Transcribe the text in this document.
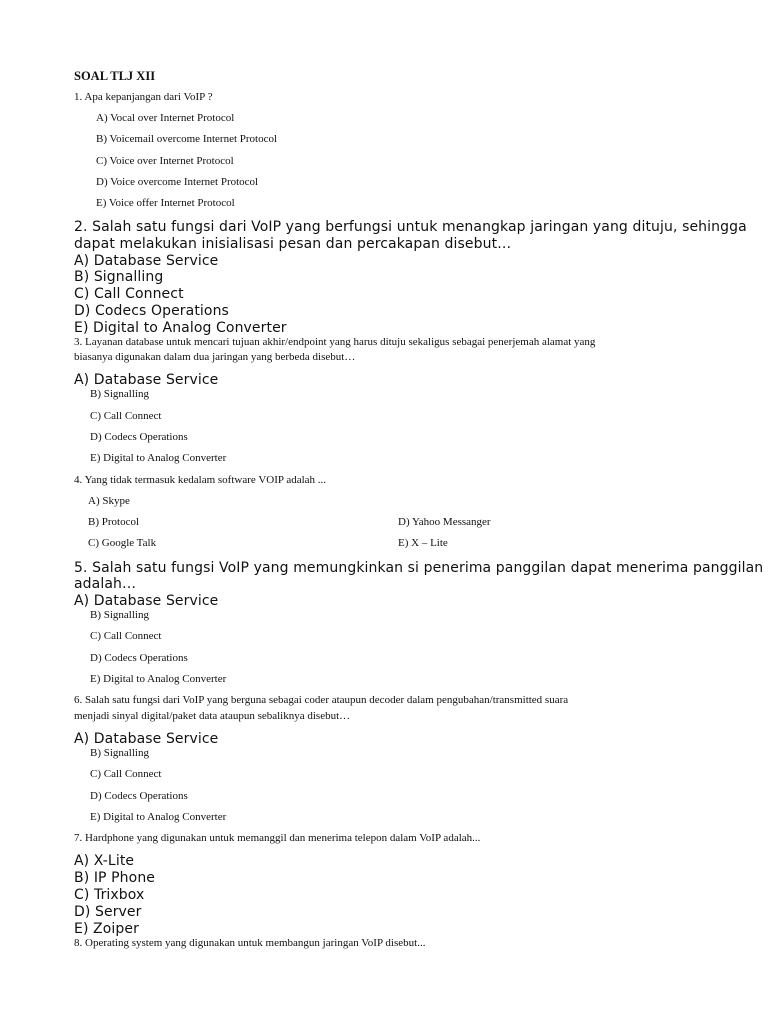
SOAL TLJ XII
1. Apa kepanjangan dari VoIP ?
A) Vocal over Internet Protocol
B) Voicemail overcome Internet Protocol
C) Voice over Internet Protocol
D) Voice overcome Internet Protocol
E) Voice offer Internet Protocol
2. Salah satu fungsi dari VoIP yang berfungsi untuk menangkap jaringan yang dituju, sehingga
dapat melakukan inisialisasi pesan dan percakapan disebut…
A) Database Service
B) Signalling
C) Call Connect
D) Codecs Operations
E) Digital to Analog Converter
3. Layanan database untuk mencari tujuan akhir/endpoint yang harus dituju sekaligus sebagai penerjemah alamat yang
biasanya digunakan dalam dua jaringan yang berbeda disebut…
A) Database Service
B) Signalling
C) Call Connect
D) Codecs Operations
E) Digital to Analog Converter
4. Yang tidak termasuk kedalam software VOIP adalah ...
A) Skype
B) Protocol
C) Google Talk
D) Yahoo Messanger
E) X – Lite
5. Salah satu fungsi VoIP yang memungkinkan si penerima panggilan dapat menerima panggilan
adalah…
A) Database Service
B) Signalling
C) Call Connect
D) Codecs Operations
E) Digital to Analog Converter
6. Salah satu fungsi dari VoIP yang berguna sebagai coder ataupun decoder dalam pengubahan/transmitted suara
menjadi sinyal digital/paket data ataupun sebaliknya disebut…
A) Database Service
B) Signalling
C) Call Connect
D) Codecs Operations
E) Digital to Analog Converter
7. Hardphone yang digunakan untuk memanggil dan menerima telepon dalam VoIP adalah...
A) X-Lite
B) IP Phone
C) Trixbox
D) Server
E) Zoiper
8. Operating system yang digunakan untuk membangun jaringan VoIP disebut...
